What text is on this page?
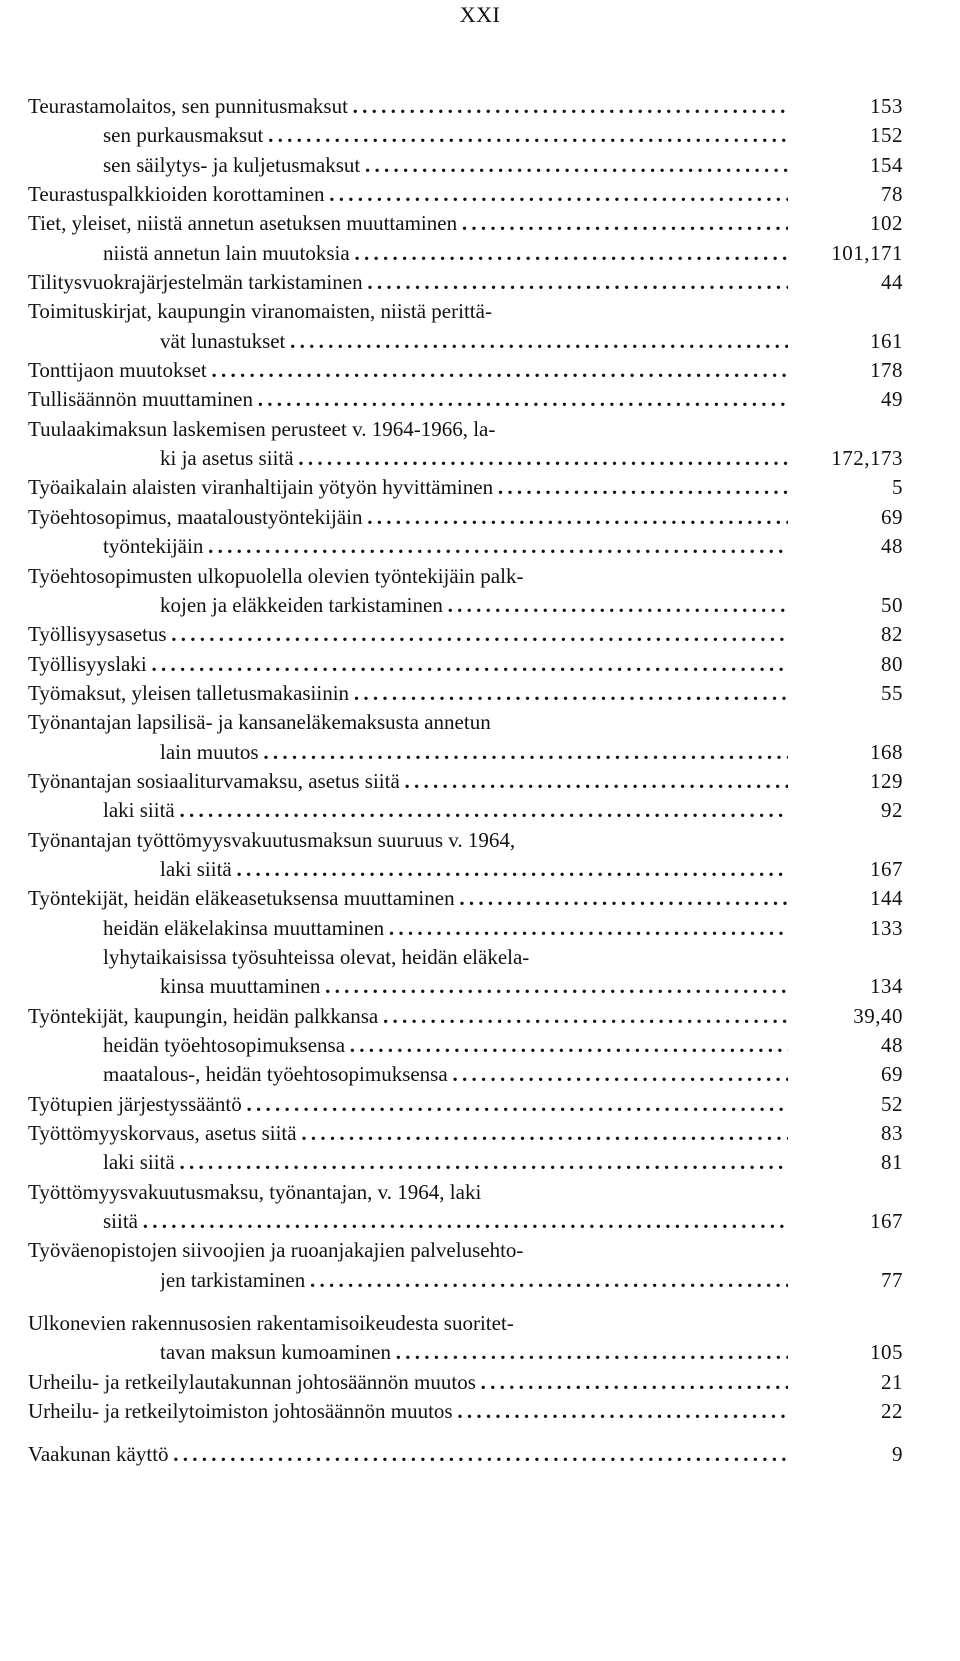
XXI
Teurastamolaitos, sen punnitusmaksut . . .	153
sen purkausmaksut . . .	152
sen säilytys- ja kuljetusmaksut . . .	154
Teurastuspalkkioiden korottaminen . . .	78
Tiet, yleiset, niistä annetun asetuksen muuttaminen . . .	102
niistä annetun lain muutoksia . . .	101,171
Tilitysvuokrajärjestelmän tarkistaminen . . .	44
Toimituskirjat, kaupungin viranomaisten, niistä perittä-
vät lunastukset . . .	161
Tonttijaon muutokset . . .	178
Tullisäännön muuttaminen . . .	49
Tuulaakimaksun laskemisen perusteet v. 1964-1966, la-
ki ja asetus siitä . . .	172,173
Työaikalain alaisten viranhaltijain yötyön hyvittäminen . . .	5
Työehtosopimus, maataloustyöntekijäin . . .	69
työntekijäin . . .	48
Työehtosopimusten ulkopuolella olevien työntekijäin palk-
kojen ja eläkkeiden tarkistaminen . . .	50
Työllisyysasetus . . .	82
Työllisyyslaki . . .	80
Työmaksut, yleisen talletusmakasiinin . . .	55
Työnantajan lapsilisä- ja kansaneläkemaksusta annetun
lain muutos . . .	168
Työnantajan sosiaaliturvamaksu, asetus siitä . . .	129
laki siitä . . .	92
Työnantajan työttömyysvakuutusmaksun suuruus v. 1964,
laki siitä . . .	167
Työntekijät, heidän eläkeasetuksensa muuttaminen . . .	144
heidän eläkelakinsa muuttaminen . . .	133
lyhytaikaisissa työsuhteissa olevat, heidän eläkela-
kinsa muuttaminen . . .	134
Työntekijät, kaupungin, heidän palkkansa . . .	39,40
heidän työehtosopimuksensa . . .	48
maatalous-, heidän työehtosopimuksensa . . .	69
Työtupien järjestyssääntö . . .	52
Työttömyyskorvaus, asetus siitä . . .	83
laki siitä . . .	81
Työttömyysvakuutusmaksu, työnantajan, v. 1964, laki
siitä . . .	167
Työväenopistojen siivoojien ja ruoanjakajien palvelusehto-
jen tarkistaminen . . .	77
Ulkonevien rakennusosien rakentamisoikeudesta suoritet-
tavan maksun kumoaminen . . .	105
Urheilu- ja retkeilylautakunnan johtosäännön muutos . . .	21
Urheilu- ja retkeilytoimiston johtosäännön muutos . . .	22
Vaakunan käyttö . . .	9
